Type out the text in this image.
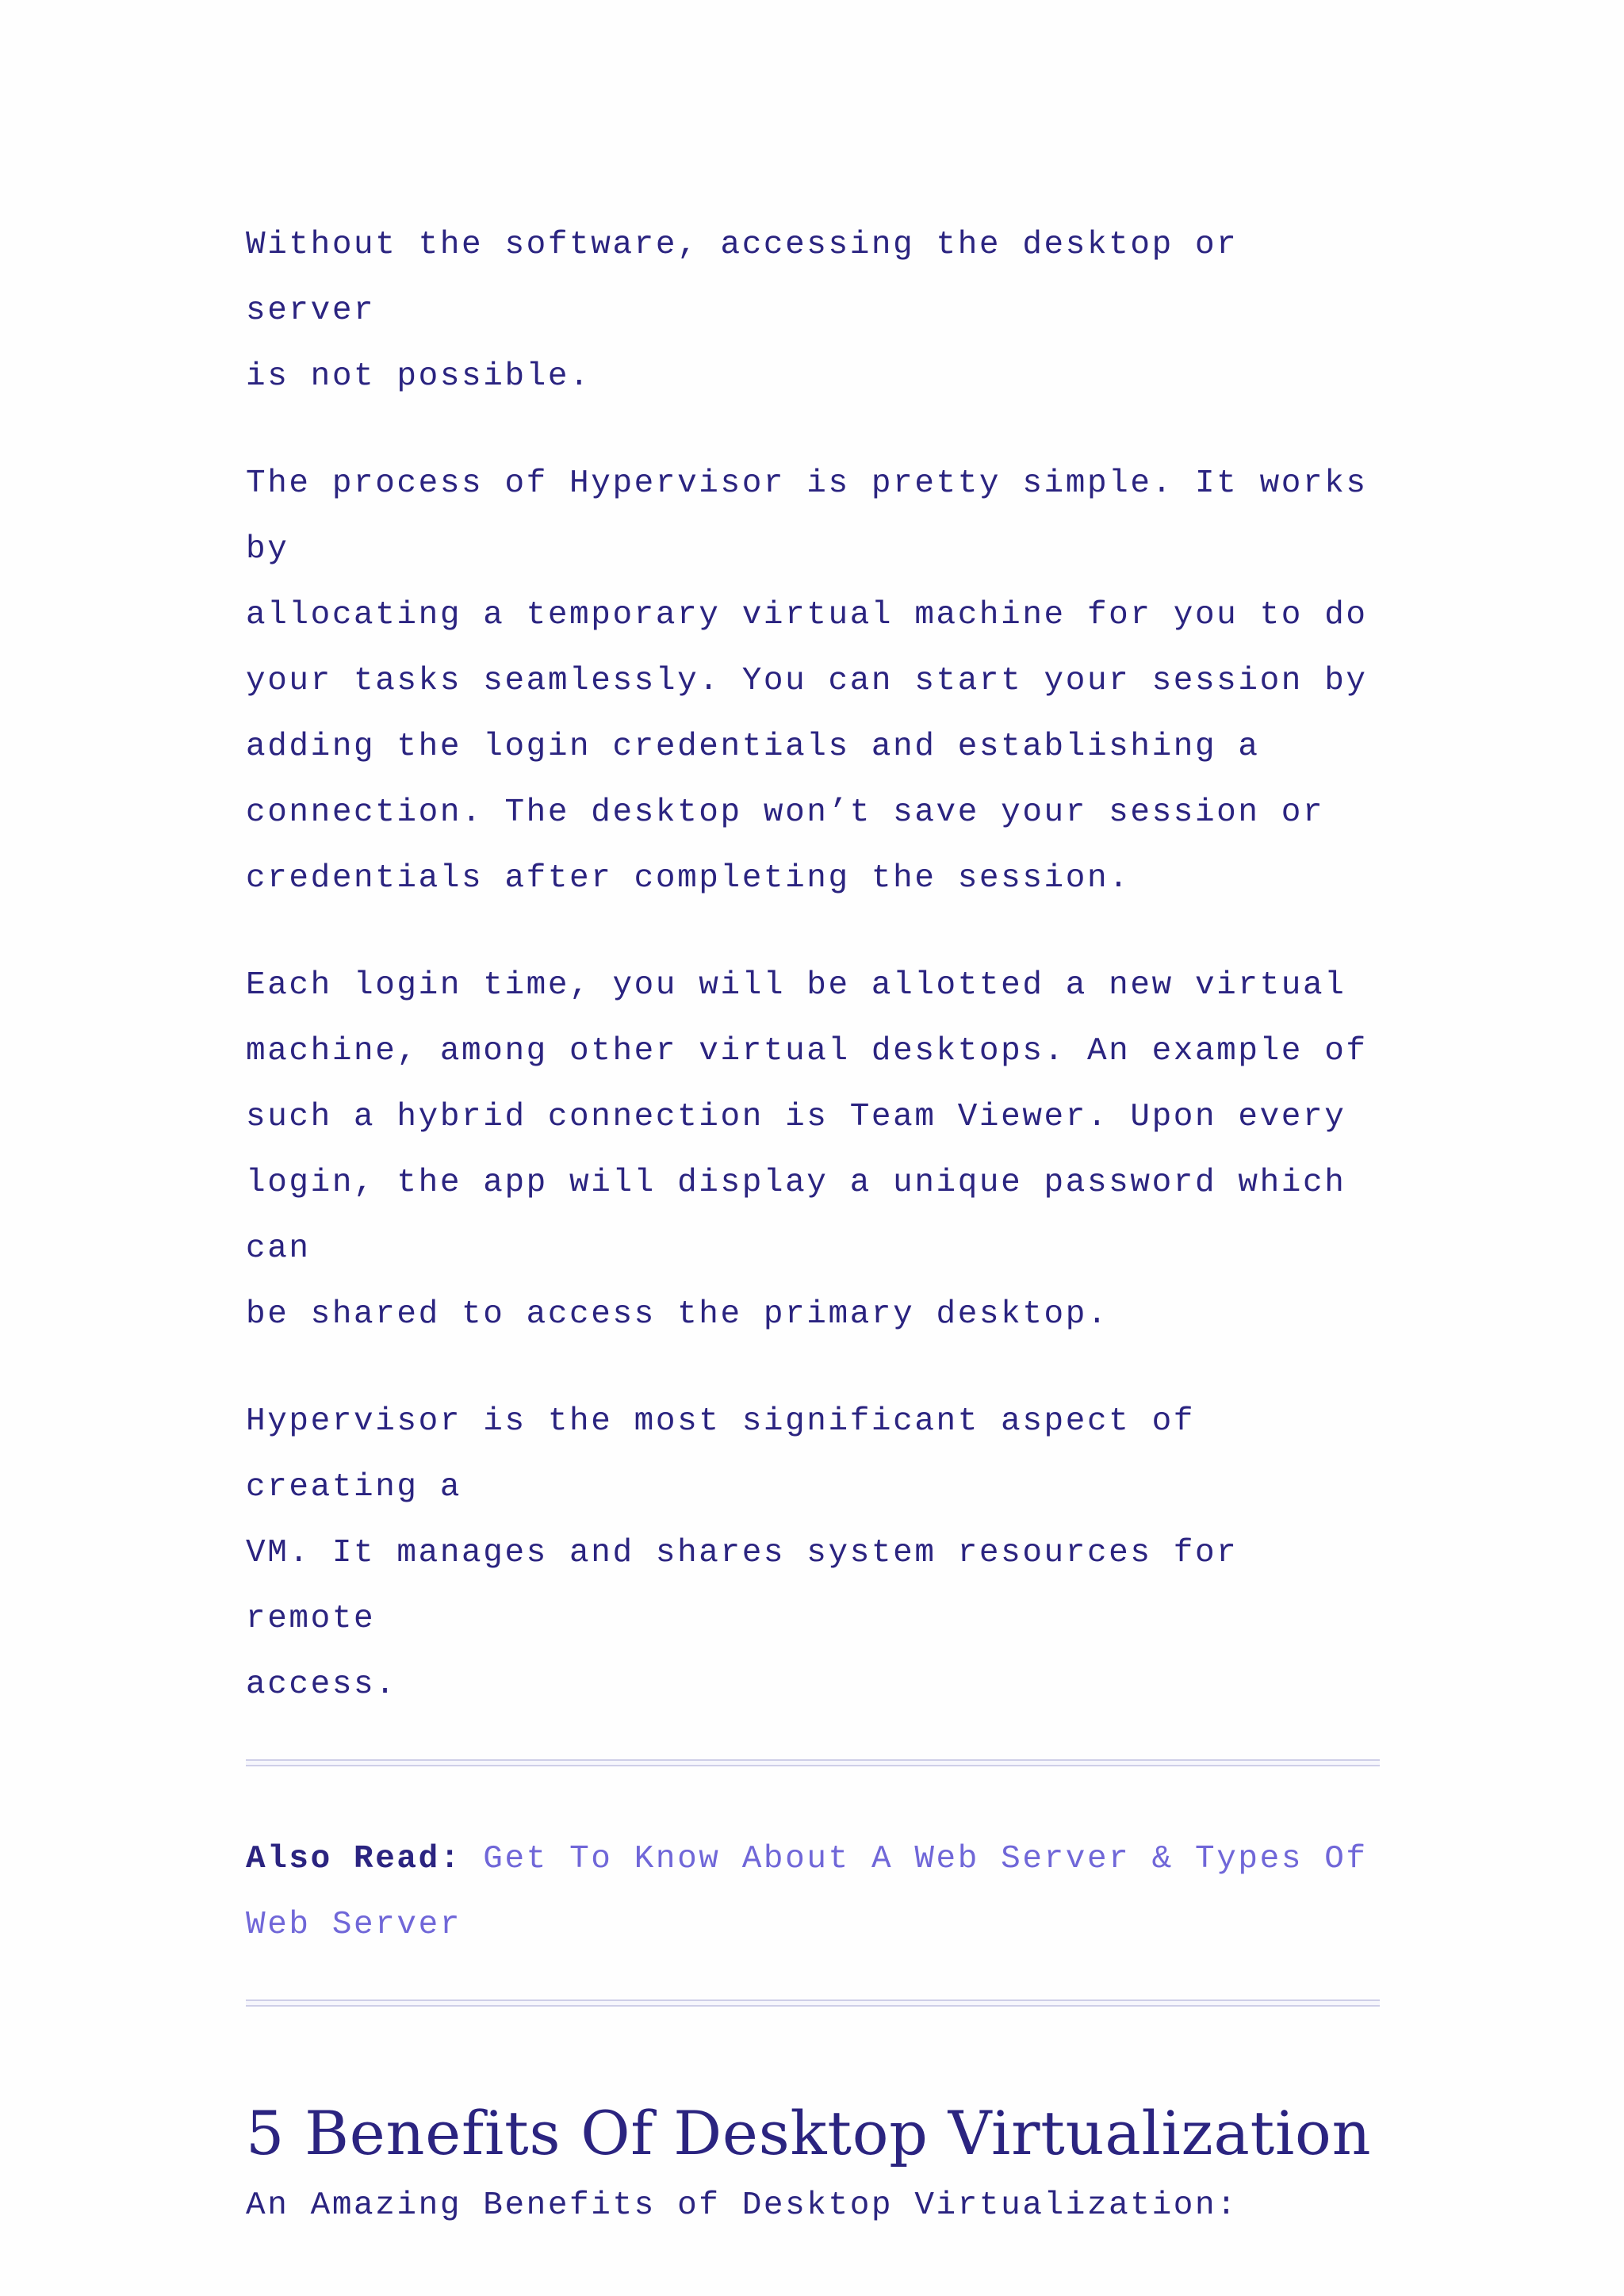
Without the software, accessing the desktop or server
is not possible.

The process of Hypervisor is pretty simple. It works by
allocating a temporary virtual machine for you to do
your tasks seamlessly. You can start your session by
adding the login credentials and establishing a
connection. The desktop won’t save your session or
credentials after completing the session.

Each login time, you will be allotted a new virtual
machine, among other virtual desktops. An example of
such a hybrid connection is Team Viewer. Upon every
login, the app will display a unique password which can
be shared to access the primary desktop.

Hypervisor is the most significant aspect of creating a
VM. It manages and shares system resources for remote
access.

Also Read: Get To Know About A Web Server & Types Of
Web Server
5 Benefits Of Desktop Virtualization

An Amazing Benefits of Desktop Virtualization:
